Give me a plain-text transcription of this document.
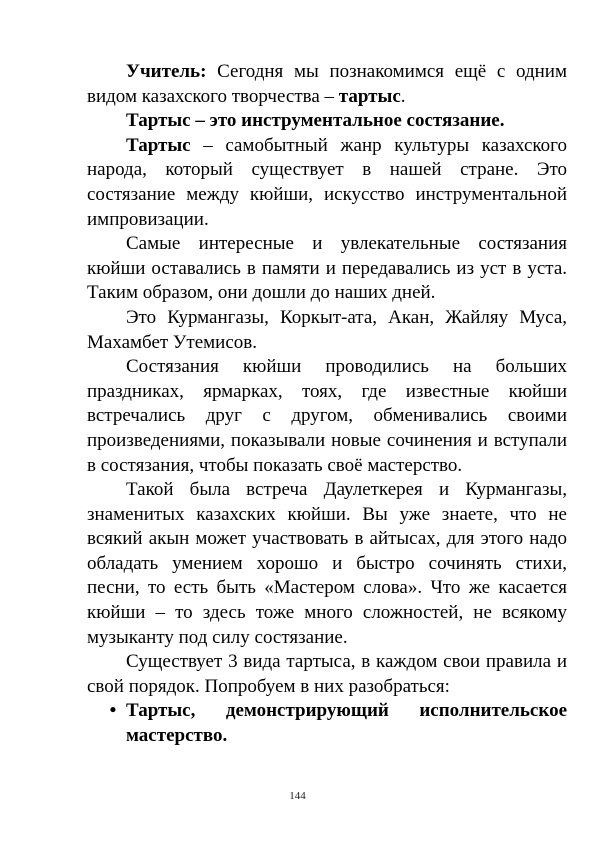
Учитель: Сегодня мы познакомимся ещё с одним видом казахского творчества – тартыс.
Тартыс – это инструментальное состязание.
Тартыс – самобытный жанр культуры казахского народа, который существует в нашей стране. Это состязание между кюйши, искусство инструментальной импровизации.
Самые интересные и увлекательные состязания кюйши оставались в памяти и передавались из уст в уста. Таким образом, они дошли до наших дней.
Это Курмангазы, Коркыт-ата, Акан, Жайляу Муса, Махамбет Утемисов.
Состязания кюйши проводились на больших праздниках, ярмарках, тоях, где известные кюйши встречались друг с другом, обменивались своими произведениями, показывали новые сочинения и вступали в состязания, чтобы показать своё мастерство.
Такой была встреча Даулеткерея и Курмангазы, знаменитых казахских кюйши. Вы уже знаете, что не всякий акын может участвовать в айтысах, для этого надо обладать умением хорошо и быстро сочинять стихи, песни, то есть быть «Мастером слова». Что же касается кюйши – то здесь тоже много сложностей, не всякому музыканту под силу состязание.
Существует 3 вида тартыса, в каждом свои правила и свой порядок. Попробуем в них разобраться:
• Тартыс, демонстрирующий исполнительское мастерство.
144
